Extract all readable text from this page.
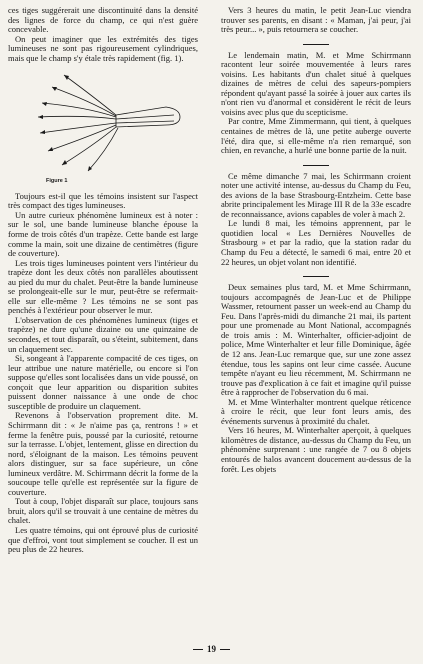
ces tiges suggérerait une discontinuité dans la densité des lignes de force du champ, ce qui n'est guère concevable.

On peut imaginer que les extrémités des tiges lumineuses ne sont pas rigoureusement cylindriques, mais que le champ s'y étale très rapidement (fig. 1).

Figure 1

Toujours est-il que les témoins insistent sur l'aspect très compact des tiges lumineuses.

Un autre curieux phénomène lumineux est à noter : sur le sol, une bande lumineuse blanche épouse la forme de trois côtés d'un trapèze. Cette bande est large comme la main, soit une dizaine de centimètres (figure de couverture).

Les trois tiges lumineuses pointent vers l'intérieur du trapèze dont les deux côtés non parallèles aboutissent au pied du mur du chalet. Peut-être la bande lumineuse se prolongeait-elle sur le mur, peut-être se refermait-elle sur elle-même ? Les témoins ne se sont pas penchés à l'extérieur pour observer le mur.

L'observation de ces phénomènes lumineux (tiges et trapèze) ne dure qu'une dizaine ou une quinzaine de secondes, et tout disparaît, ou s'éteint, subitement, dans un claquement sec.

Si, songeant à l'apparente compacité de ces tiges, on leur attribue une nature matérielle, ou encore si l'on suppose qu'elles sont localisées dans un vide poussé, on conçoit que leur apparition ou disparition subites puissent donner naissance à une onde de choc susceptible de produire un claquement.

Revenons à l'observation proprement dite. M. Schirrmann dit : « Je n'aime pas ça, rentrons ! » et ferme la fenêtre puis, poussé par la curiosité, retourne sur la terrasse. L'objet, lentement, glisse en direction du nord, s'éloignant de la maison. Les témoins peuvent alors distinguer, sur sa face supérieure, un cône lumineux verdâtre. M. Schirrmann décrit la forme de la soucoupe telle qu'elle est représentée sur la figure de couverture.

Tout à coup, l'objet disparaît sur place, toujours sans bruit, alors qu'il se trouvait à une centaine de mètres du chalet.

Les quatre témoins, qui ont éprouvé plus de curiosité que d'effroi, vont tout simplement se coucher. Il est un peu plus de 22 heures.

Vers 3 heures du matin, le petit Jean-Luc viendra trouver ses parents, en disant : « Maman, j'ai peur, j'ai très peur... », puis retournera se coucher.

Le lendemain matin, M. et Mme Schirrmann racontent leur soirée mouvementée à leurs rares voisins. Les habitants d'un chalet situé à quelques dizaines de mètres de celui des sapeurs-pompiers répondent qu'ayant passé la soirée à jouer aux cartes ils n'ont rien vu d'anormal et considèrent le récit de leurs voisins avec plus que du scepticisme.

Par contre, Mme Zimmermann, qui tient, à quelques centaines de mètres de là, une petite auberge ouverte l'été, dira que, si elle-même n'a rien remarqué, son chien, en revanche, a hurlé une bonne partie de la nuit.

Ce même dimanche 7 mai, les Schirrmann croient noter une activité intense, au-dessus du Champ du Feu, des avions de la base Strasbourg-Entzheim. Cette base abrite principalement les Mirage III R de la 33e escadre de reconnaissance, avions capables de voler à mach 2.

Le lundi 8 mai, les témoins apprennent, par le quotidien local « Les Dernières Nouvelles de Strasbourg » et par la radio, que la station radar du Champ du Feu a détecté, le samedi 6 mai, entre 20 et 22 heures, un objet volant non identifié.

Deux semaines plus tard, M. et Mme Schirrmann, toujours accompagnés de Jean-Luc et de Philippe Wassmer, retournent passer un week-end au Champ du Feu. Dans l'après-midi du dimanche 21 mai, ils partent pour une promenade au Mont National, accompagnés de trois amis : M. Winterhalter, officier-adjoint de police, Mme Winterhalter et leur fille Dominique, âgée de 12 ans. Jean-Luc remarque que, sur une zone assez étendue, tous les sapins ont leur cime cassée. Aucune tempête n'ayant eu lieu récemment, M. Schirrmann ne trouve pas d'explication à ce fait et imagine qu'il puisse être à rapprocher de l'observation du 6 mai.

M. et Mme Winterhalter montrent quelque réticence à croire le récit, que leur font leurs amis, des événements survenus à proximité du chalet.

Vers 16 heures, M. Winterhalter aperçoit, à quelques kilomètres de distance, au-dessus du Champ du Feu, un phénomène surprenant : une rangée de 7 ou 8 objets entourés de halos avancent doucement au-dessus de la forêt. Les objets

19
